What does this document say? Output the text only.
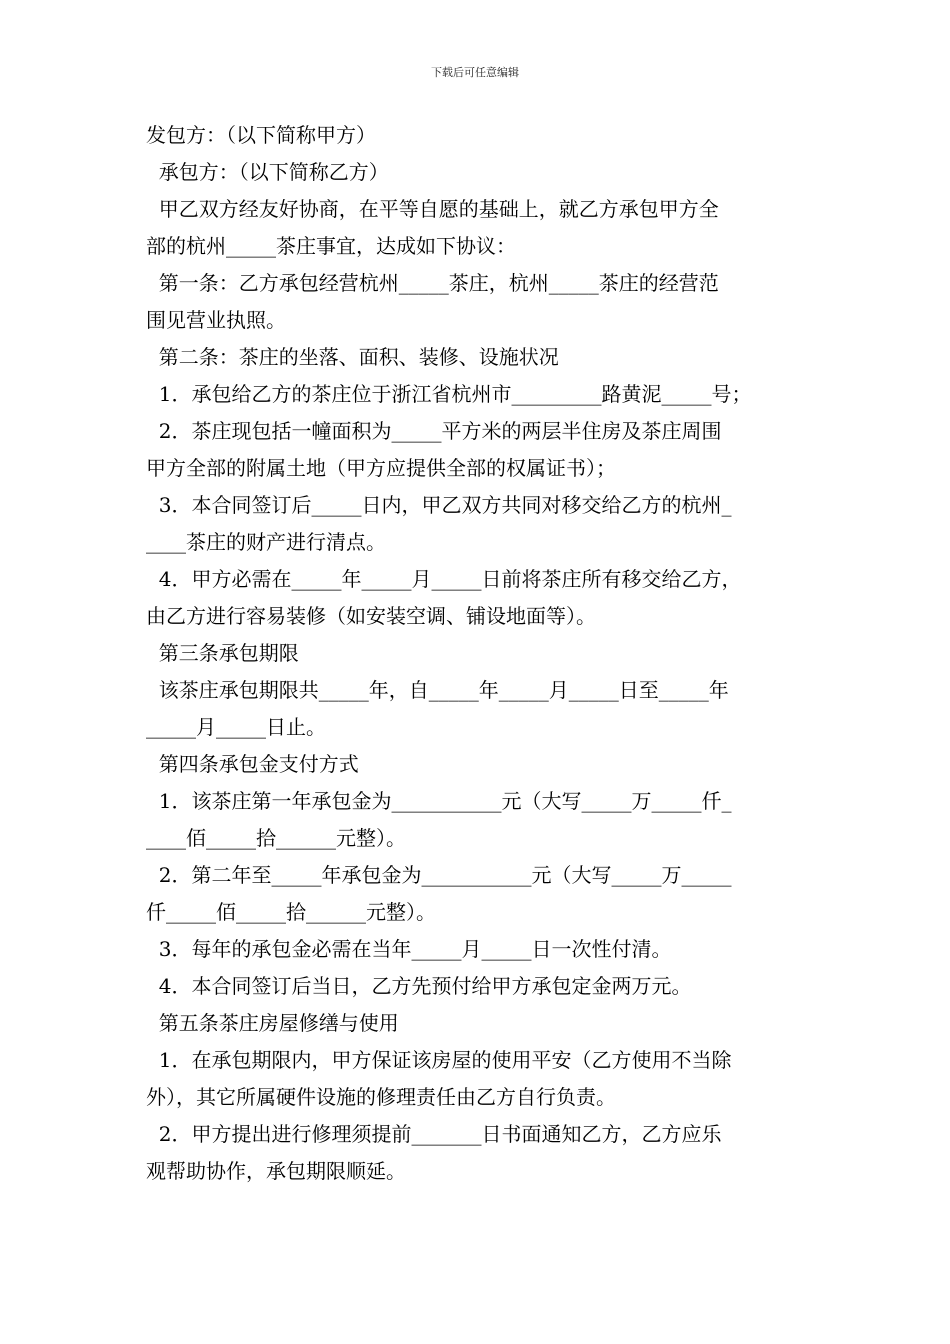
下载后可任意编辑
发包方：（以下简称甲方）
承包方：（以下简称乙方）
甲乙双方经友好协商，在平等自愿的基础上，就乙方承包甲方全
部的杭州_____茶庄事宜，达成如下协议：
第一条：乙方承包经营杭州_____茶庄，杭州_____茶庄的经营范
围见营业执照。
第二条：茶庄的坐落、面积、装修、设施状况
1．承包给乙方的茶庄位于浙江省杭州市_________路黄泥_____号；
2．茶庄现包括一幢面积为_____平方米的两层半住房及茶庄周围
甲方全部的附属土地（甲方应提供全部的权属证书）；
3．本合同签订后_____日内，甲乙双方共同对移交给乙方的杭州_
____茶庄的财产进行清点。
4．甲方必需在_____年_____月_____日前将茶庄所有移交给乙方，
由乙方进行容易装修（如安装空调、铺设地面等）。
第三条承包期限
该茶庄承包期限共_____年，自_____年_____月_____日至_____年
_____月_____日止。
第四条承包金支付方式
1．该茶庄第一年承包金为___________元（大写_____万_____仟_
____佰_____拾______元整）。
2．第二年至_____年承包金为___________元（大写_____万_____
仟_____佰_____拾______元整）。
3．每年的承包金必需在当年_____月_____日一次性付清。
4．本合同签订后当日，乙方先预付给甲方承包定金两万元。
第五条茶庄房屋修缮与使用
1．在承包期限内，甲方保证该房屋的使用平安（乙方使用不当除
外），其它所属硬件设施的修理责任由乙方自行负责。
2．甲方提出进行修理须提前_______日书面通知乙方，乙方应乐
观帮助协作，承包期限顺延。
